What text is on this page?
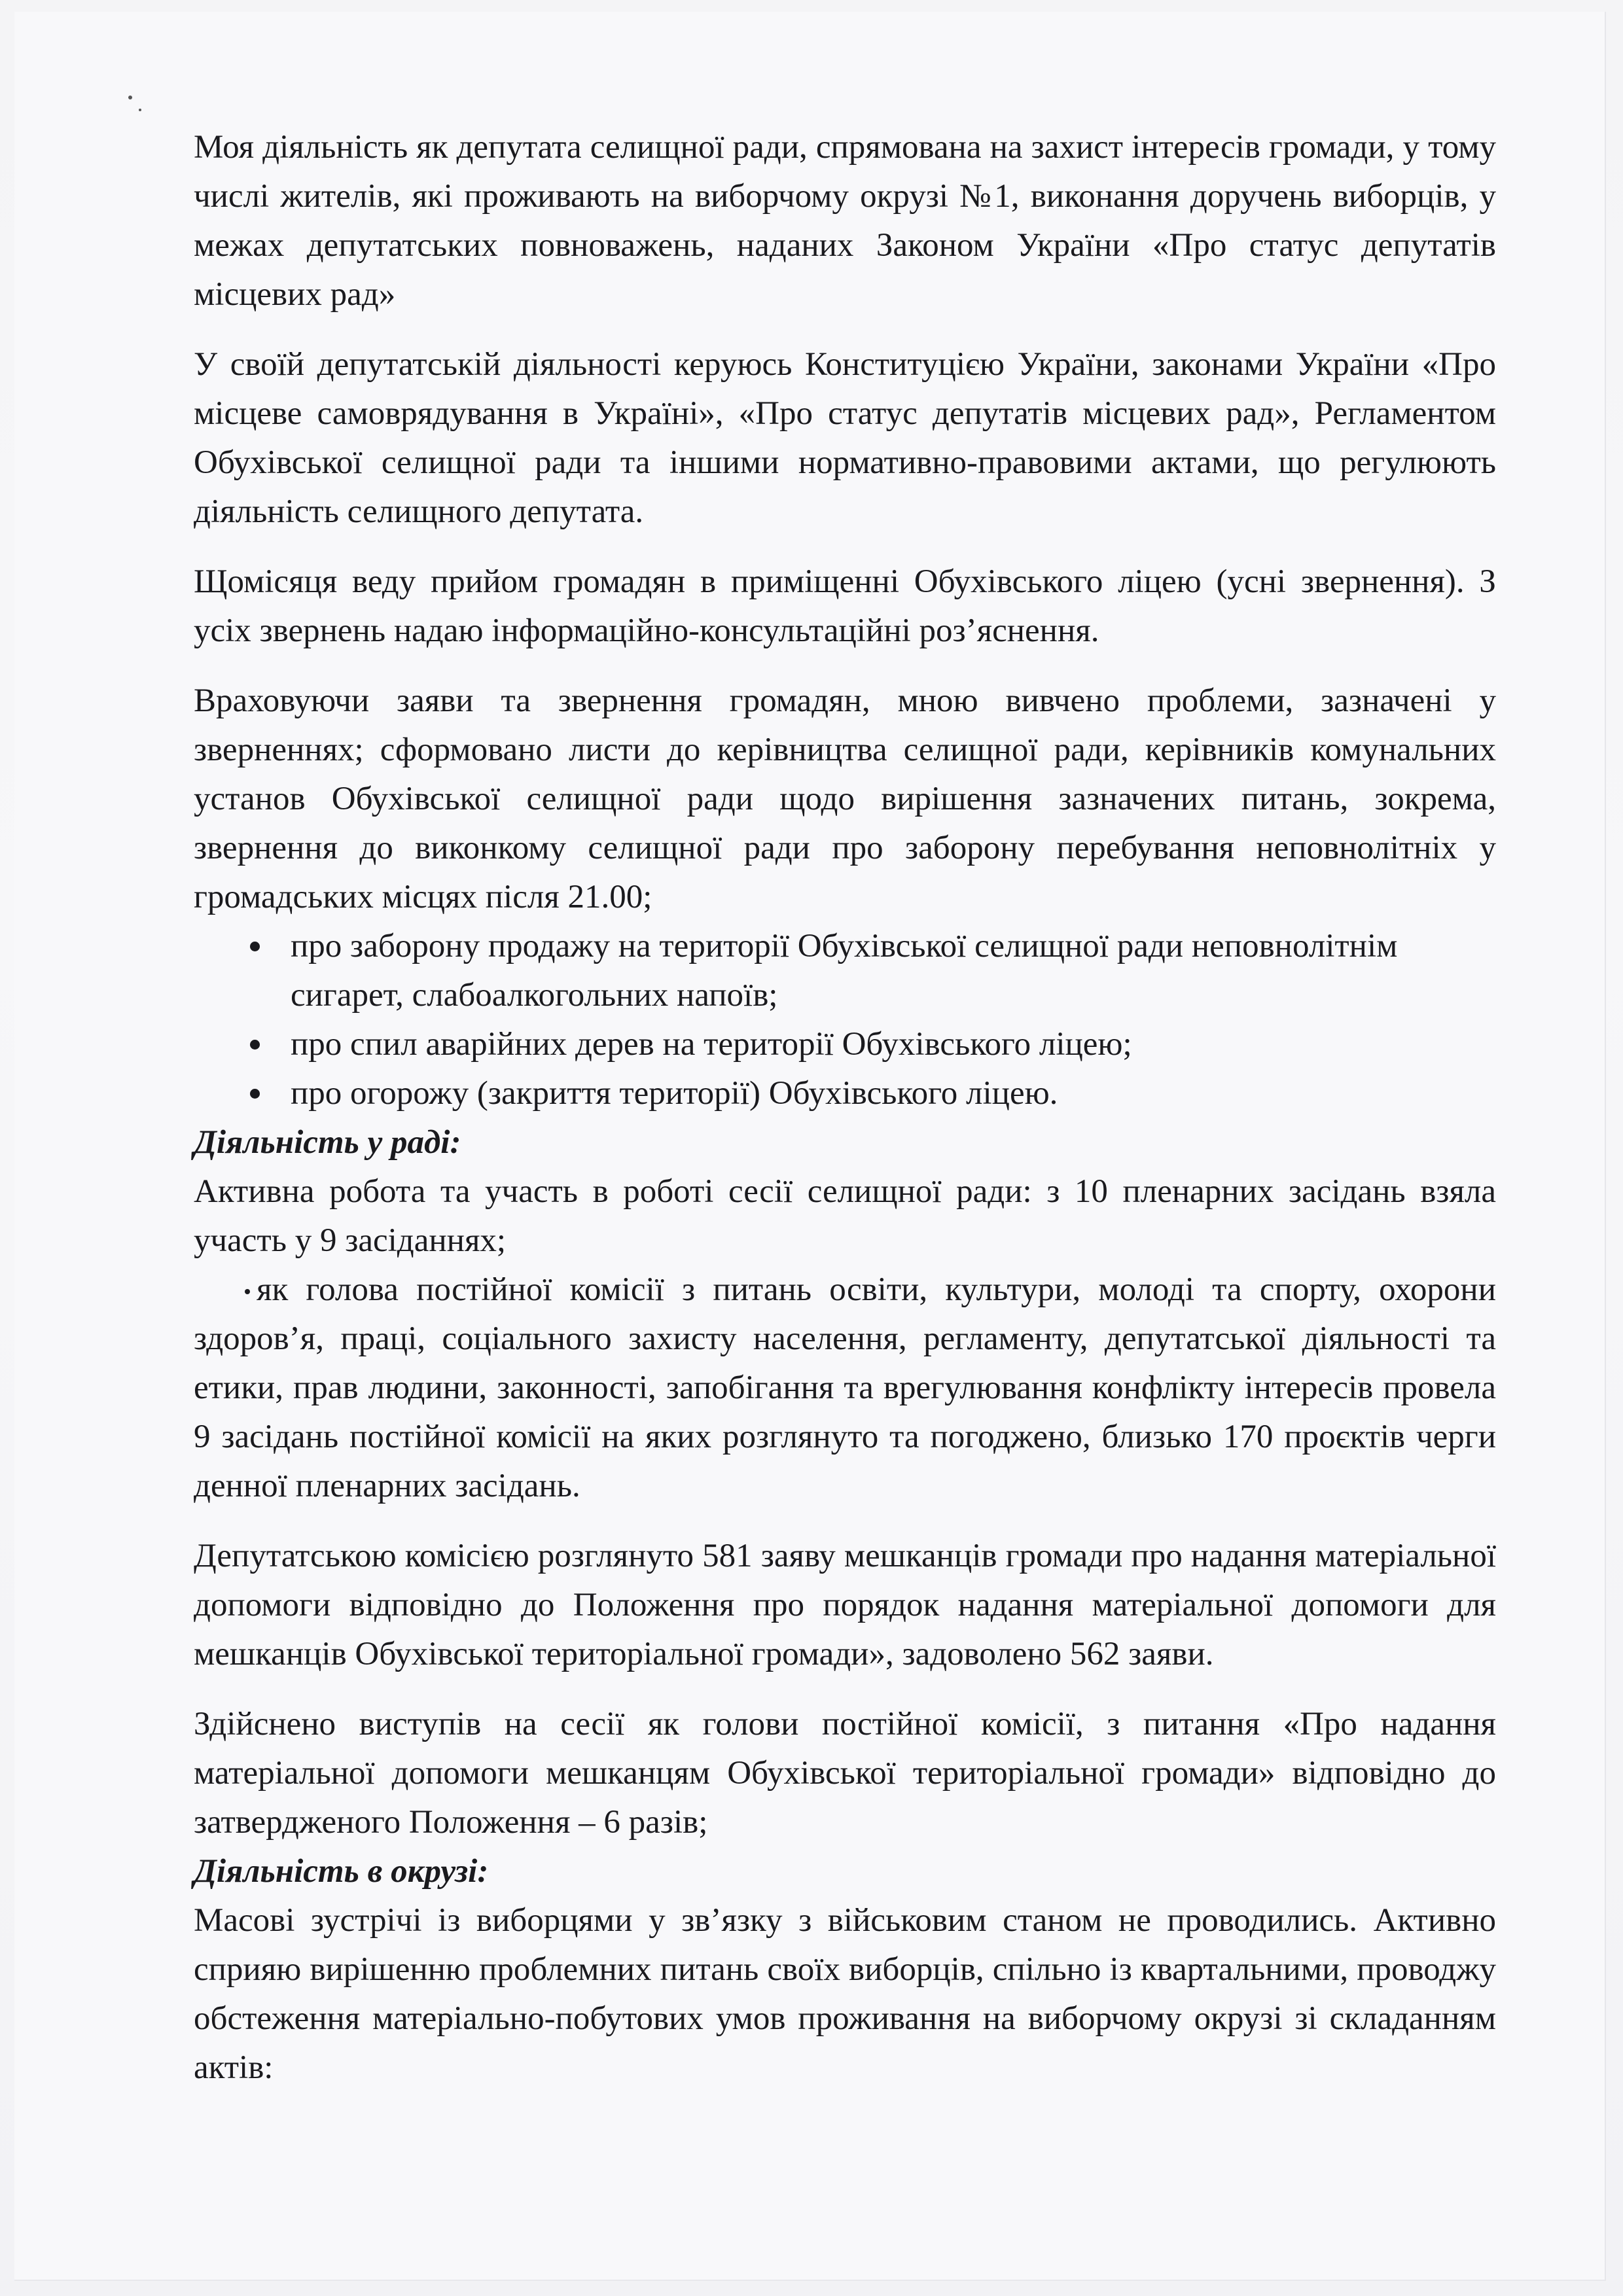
Моя діяльність як депутата селищної ради, спрямована на захист інтересів громади, у тому числі жителів, які проживають на виборчому окрузі №1, виконання доручень виборців, у межах депутатських повноважень, наданих Законом України «Про статус депутатів місцевих рад»

У своїй депутатській діяльності керуюсь Конституцією України, законами України «Про місцеве самоврядування в Україні», «Про статус депутатів місцевих рад», Регламентом Обухівської селищної ради та іншими нормативно-правовими актами, що регулюють діяльність селищного депутата.

Щомісяця веду прийом громадян в приміщенні Обухівського ліцею (усні звернення). З усіх звернень надаю інформаційно-консультаційні роз’яснення.

Враховуючи заяви та звернення громадян, мною вивчено проблеми, зазначені у зверненнях; сформовано листи до керівництва селищної ради, керівників комунальних установ Обухівської селищної ради щодо вирішення зазначених питань, зокрема, звернення до виконкому селищної ради про заборону перебування неповнолітніх у громадських місцях після 21.00;

про заборону продажу на території Обухівської селищної ради неповнолітнім сигарет, слабоалкогольних напоїв;
про спил аварійних дерев на території Обухівського ліцею;
про огорожу (закриття території) Обухівського ліцею.

Діяльність у раді:

Активна робота та участь в роботі сесії селищної ради: з 10 пленарних засідань взяла участь у 9 засіданнях;

як голова постійної комісії з питань освіти, культури, молоді та спорту, охорони здоров’я, праці, соціального захисту населення, регламенту, депутатської діяльності та етики, прав людини, законності, запобігання та врегулювання конфлікту інтересів провела 9 засідань постійної комісії на яких розглянуто та погоджено, близько 170 проєктів черги денної пленарних засідань.

Депутатською комісією розглянуто 581 заяву мешканців громади про надання матеріальної допомоги відповідно до Положення про порядок надання матеріальної допомоги для мешканців Обухівської територіальної громади», задоволено 562 заяви.

Здійснено виступів на сесії як голови постійної комісії, з питання «Про надання матеріальної допомоги мешканцям Обухівської територіальної громади» відповідно до затвердженого Положення – 6 разів;

Діяльність в окрузі:

Масові зустрічі із виборцями у зв’язку з військовим станом не проводились. Активно сприяю вирішенню проблемних питань своїх виборців, спільно із квартальними, проводжу обстеження матеріально-побутових умов проживання на виборчому окрузі зі складанням актів:
